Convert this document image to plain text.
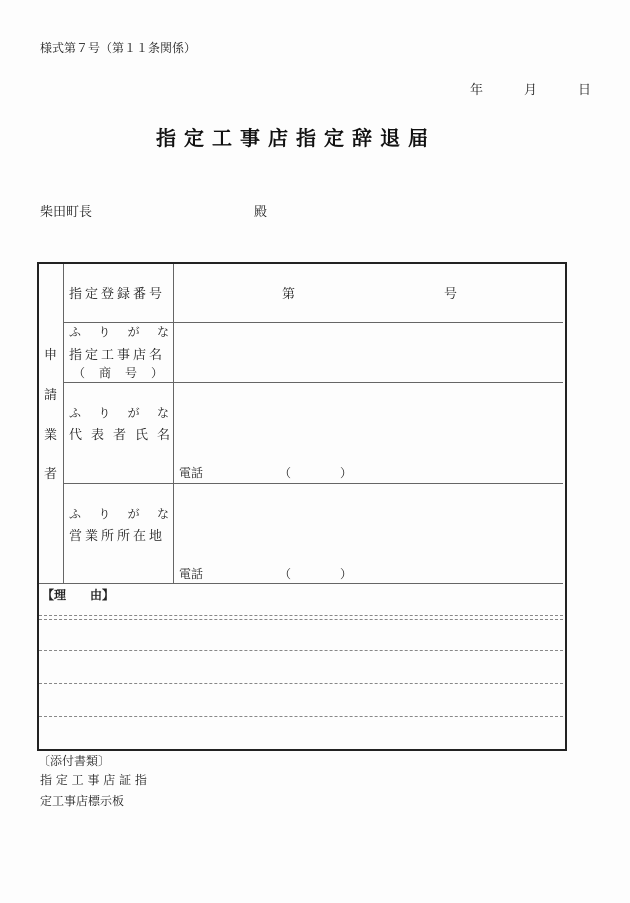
様式第７号（第１１条関係）
年	月	日
指定工事店指定辞退届
柴田町長	殿
申
請
業
者
指定登録番号	第	号
ふ り が な
指定工事店名
（ 商 号 ）
ふ り が な
代表者氏名
電話	（	）
ふ り が な
営業所所在地
電話	（	）
【理　　由】
〔添付書類〕
指 定 工 事 店 証 指
定工事店標示板
